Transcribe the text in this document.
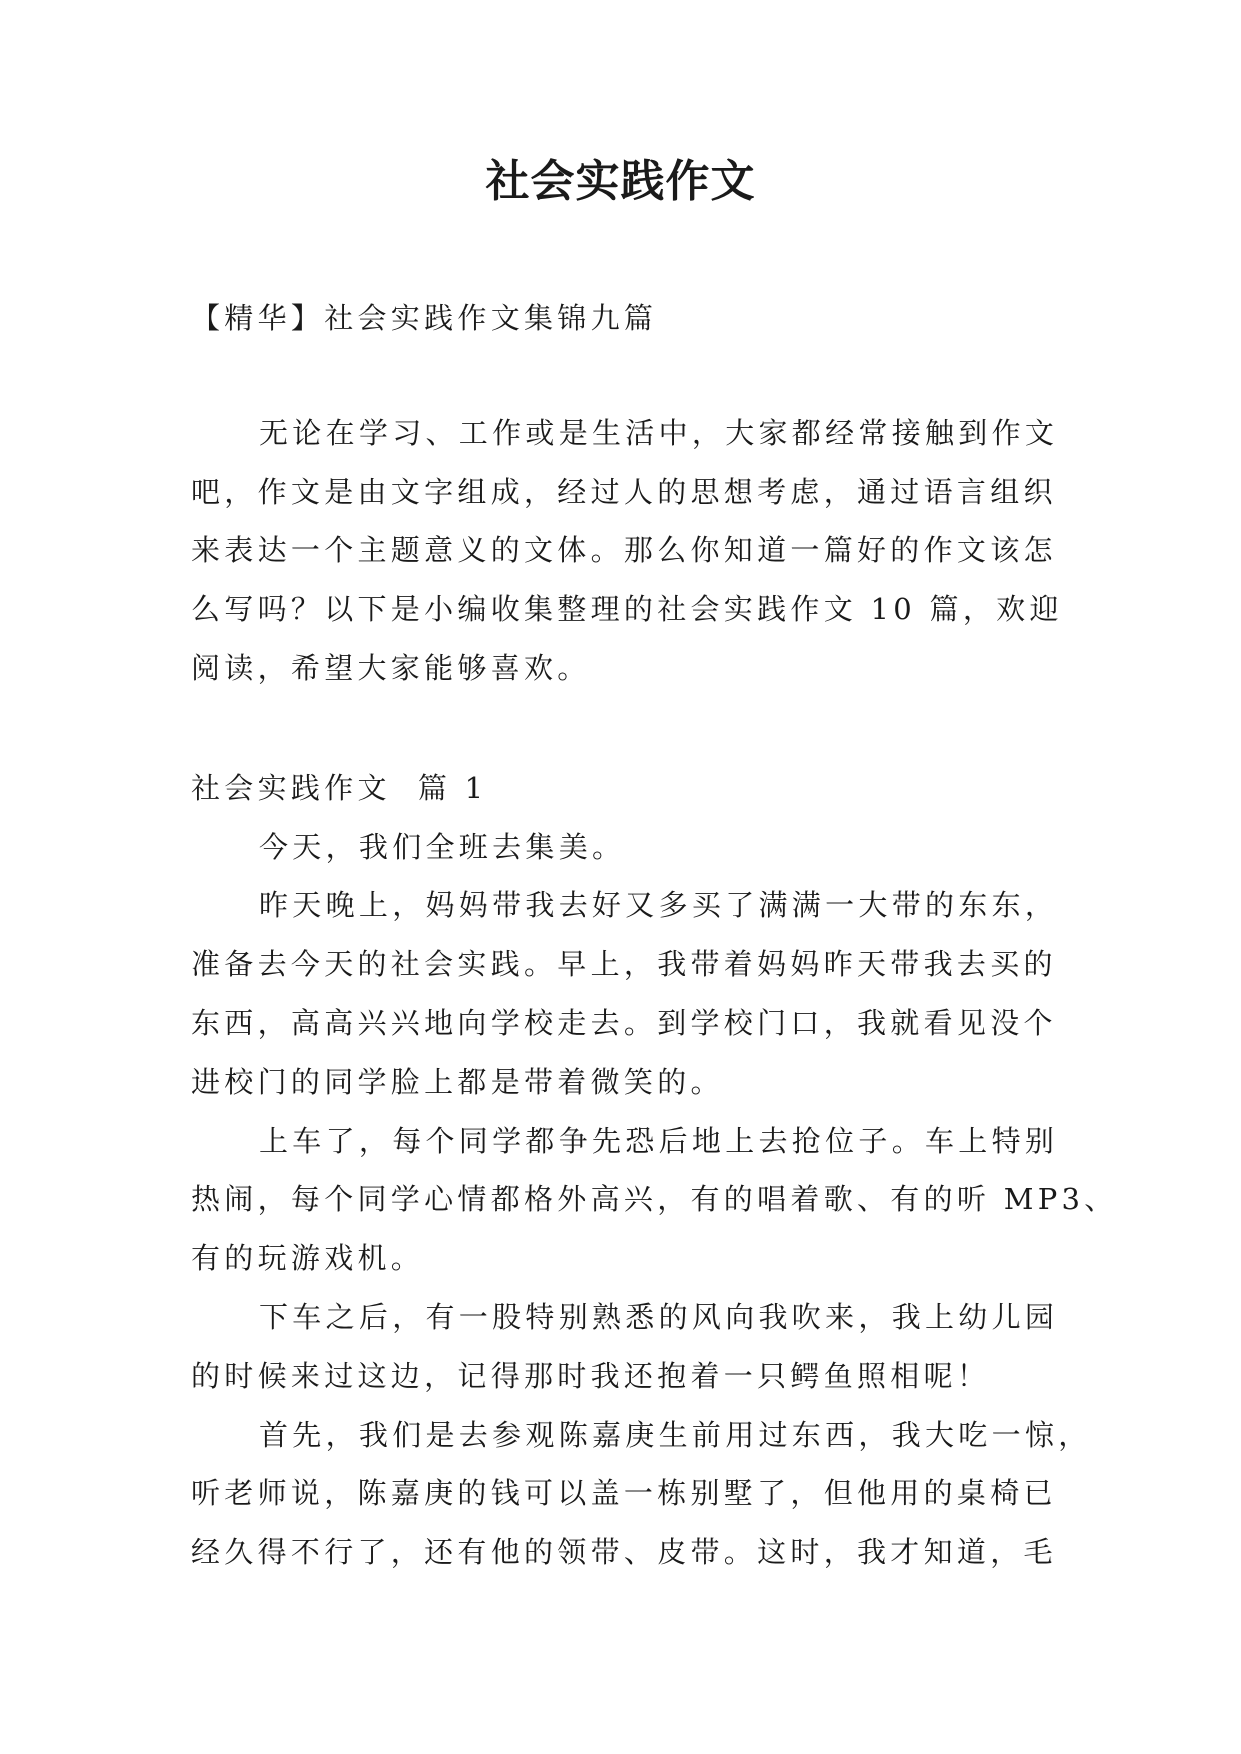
社会实践作文
【精华】社会实践作文集锦九篇
无论在学习、工作或是生活中，大家都经常接触到作文
吧，作文是由文字组成，经过人的思想考虑，通过语言组织
来表达一个主题意义的文体。那么你知道一篇好的作文该怎
么写吗？以下是小编收集整理的社会实践作文 10 篇，欢迎
阅读，希望大家能够喜欢。
社会实践作文  篇 1
今天，我们全班去集美。
昨天晚上，妈妈带我去好又多买了满满一大带的东东，
准备去今天的社会实践。早上，我带着妈妈昨天带我去买的
东西，高高兴兴地向学校走去。到学校门口，我就看见没个
进校门的同学脸上都是带着微笑的。
上车了，每个同学都争先恐后地上去抢位子。车上特别
热闹，每个同学心情都格外高兴，有的唱着歌、有的听 MP3、
有的玩游戏机。
下车之后，有一股特别熟悉的风向我吹来，我上幼儿园
的时候来过这边，记得那时我还抱着一只鳄鱼照相呢！
首先，我们是去参观陈嘉庚生前用过东西，我大吃一惊，
听老师说，陈嘉庚的钱可以盖一栋别墅了，但他用的桌椅已
经久得不行了，还有他的领带、皮带。这时，我才知道，毛
